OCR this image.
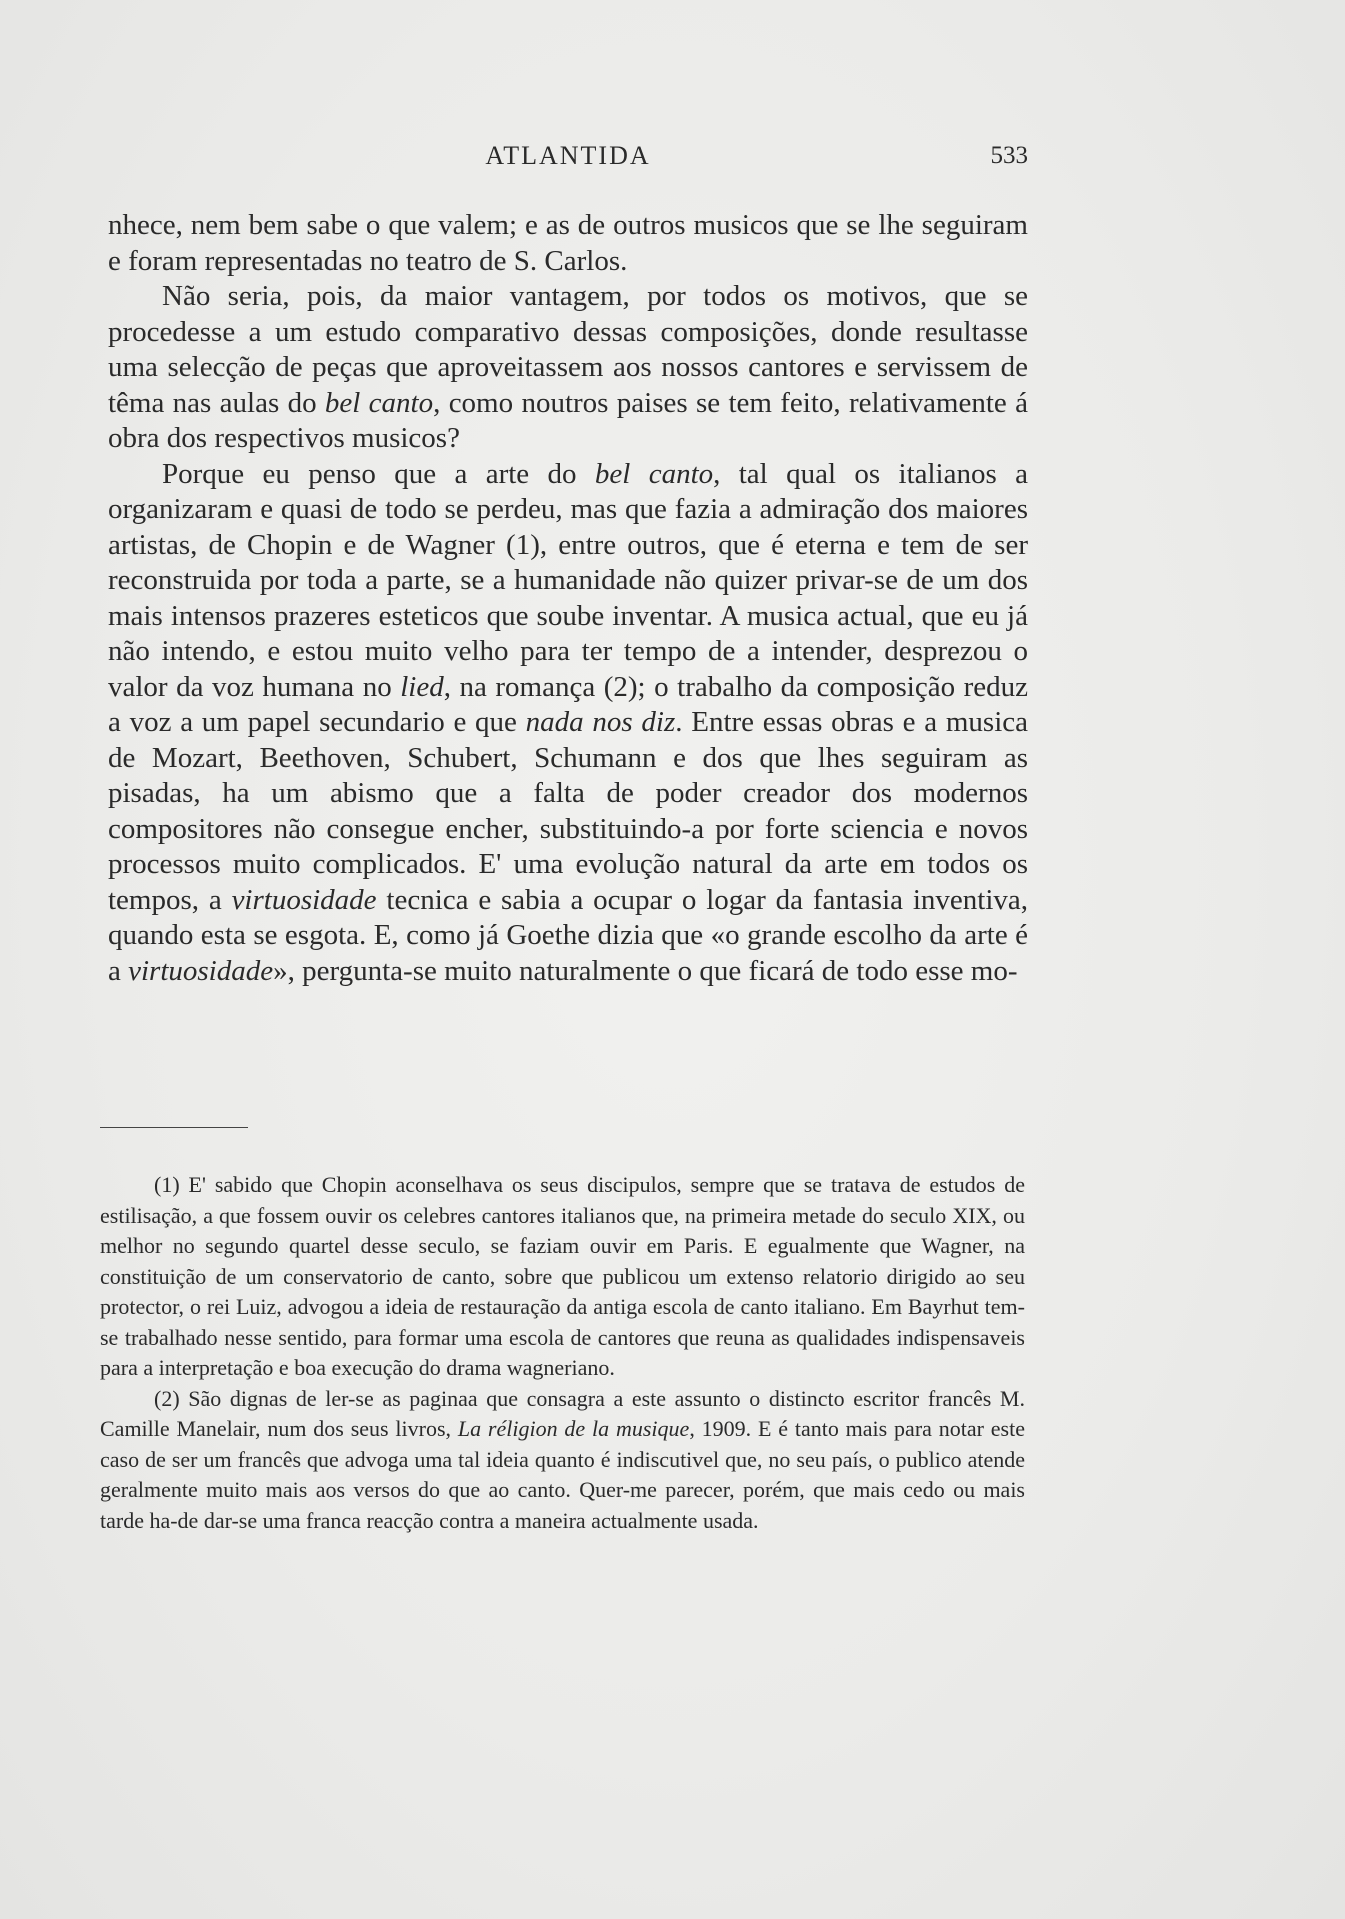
ATLANTIDA	533

nhece, nem bem sabe o que valem; e as de outros musicos que se lhe seguiram e foram representadas no teatro de S. Carlos.

Não seria, pois, da maior vantagem, por todos os motivos, que se procedesse a um estudo comparativo dessas composições, donde resultasse uma selecção de peças que aproveitassem aos nossos cantores e servissem de têma nas aulas do bel canto, como noutros paises se tem feito, relativamente á obra dos respectivos musicos?

Porque eu penso que a arte do bel canto, tal qual os italianos a organizaram e quasi de todo se perdeu, mas que fazia a admiração dos maiores artistas, de Chopin e de Wagner (1), entre outros, que é eterna e tem de ser reconstruida por toda a parte, se a humanidade não quizer privar-se de um dos mais intensos prazeres esteticos que soube inventar. A musica actual, que eu já não intendo, e estou muito velho para ter tempo de a intender, desprezou o valor da voz humana no lied, na romança (2); o trabalho da composição reduz a voz a um papel secundario e que nada nos diz. Entre essas obras e a musica de Mozart, Beethoven, Schubert, Schumann e dos que lhes seguiram as pisadas, ha um abismo que a falta de poder creador dos modernos compositores não consegue encher, substituindo-a por forte sciencia e novos processos muito complicados. E' uma evolução natural da arte em todos os tempos, a virtuosidade tecnica e sabia a ocupar o logar da fantasia inventiva, quando esta se esgota. E, como já Goethe dizia que «o grande escolho da arte é a virtuosidade», pergunta-se muito naturalmente o que ficará de todo esse mo-

(1) E' sabido que Chopin aconselhava os seus discipulos, sempre que se tratava de estudos de estilisação, a que fossem ouvir os celebres cantores italianos que, na primeira metade do seculo XIX, ou melhor no segundo quartel desse seculo, se faziam ouvir em Paris. E egualmente que Wagner, na constituição de um conservatorio de canto, sobre que publicou um extenso relatorio dirigido ao seu protector, o rei Luiz, advogou a ideia de restauração da antiga escola de canto italiano. Em Bayrhut tem-se trabalhado nesse sentido, para formar uma escola de cantores que reuna as qualidades indispensaveis para a interpretação e boa execução do drama wagneriano.

(2) São dignas de ler-se as paginaa que consagra a este assunto o distincto escritor francês M. Camille Manelair, num dos seus livros, La réligion de la musique, 1909. E é tanto mais para notar este caso de ser um francês que advoga uma tal ideia quanto é indiscutivel que, no seu país, o publico atende geralmente muito mais aos versos do que ao canto. Quer-me parecer, porém, que mais cedo ou mais tarde ha-de dar-se uma franca reacção contra a maneira actualmente usada.
